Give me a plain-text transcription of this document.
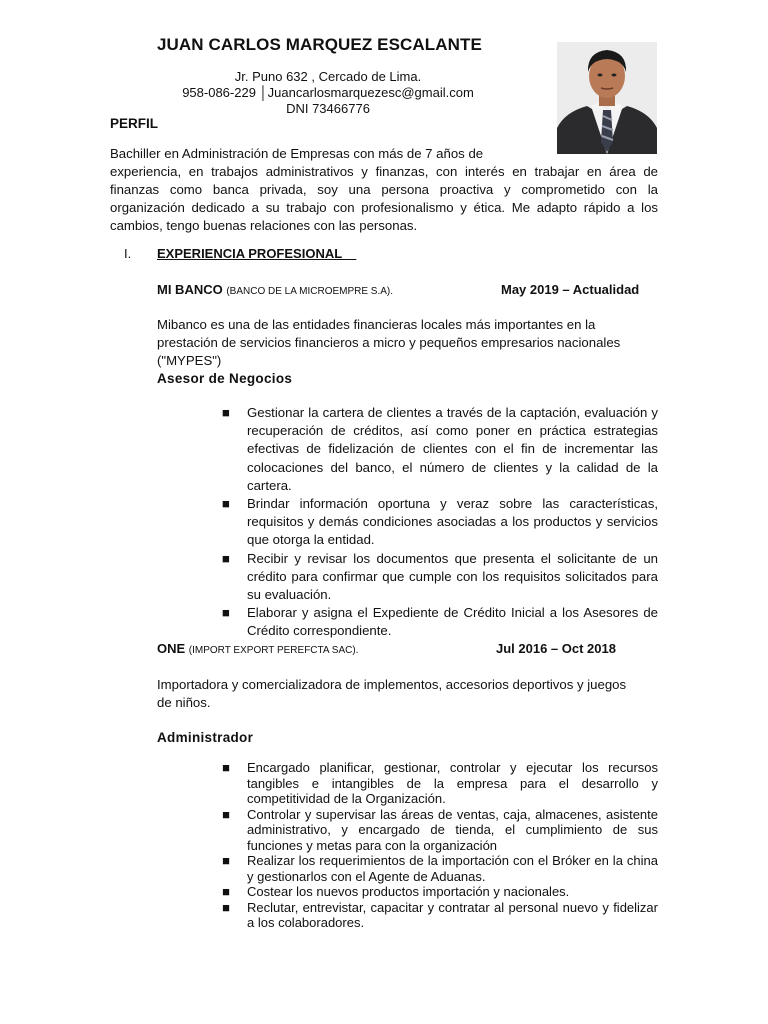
JUAN CARLOS MARQUEZ ESCALANTE
Jr. Puno 632 , Cercado de Lima.
958-086-229 │Juancarlosmarquezesc@gmail.com
DNI 73466776
PERFIL
Bachiller en Administración de Empresas con más de 7 años de
experiencia, en trabajos administrativos y finanzas, con interés en trabajar en área de finanzas como banca privada, soy una persona proactiva y comprometido con la organización dedicado a su trabajo con profesionalismo y ética. Me adapto rápido a los cambios, tengo buenas relaciones con las personas.
I. EXPERIENCIA PROFESIONAL
MI BANCO (BANCO DE LA MICROEMPRE S.A).	May 2019 – Actualidad
Mibanco es una de las entidades financieras locales más importantes en la prestación de servicios financieros a micro y pequeños empresarios nacionales ("MYPES")
Asesor de Negocios
■ Gestionar la cartera de clientes a través de la captación, evaluación y recuperación de créditos, así como poner en práctica estrategias efectivas de fidelización de clientes con el fin de incrementar las colocaciones del banco, el número de clientes y la calidad de la cartera.
■ Brindar información oportuna y veraz sobre las características, requisitos y demás condiciones asociadas a los productos y servicios que otorga la entidad.
■ Recibir y revisar los documentos que presenta el solicitante de un crédito para confirmar que cumple con los requisitos solicitados para su evaluación.
■ Elaborar y asigna el Expediente de Crédito Inicial a los Asesores de Crédito correspondiente.
ONE (IMPORT EXPORT PEREFCTA SAC).	Jul 2016 – Oct 2018
Importadora y comercializadora de implementos, accesorios deportivos y juegos de niños.
Administrador
■ Encargado planificar, gestionar, controlar y ejecutar los recursos tangibles e intangibles de la empresa para el desarrollo y competitividad de la Organización.
■ Controlar y supervisar las áreas de ventas, caja, almacenes, asistente administrativo, y encargado de tienda, el cumplimiento de sus funciones y metas para con la organización
■ Realizar los requerimientos de la importación con el Bróker en la china y gestionarlos con el Agente de Aduanas.
■ Costear los nuevos productos importación y nacionales.
■ Reclutar, entrevistar, capacitar y contratar al personal nuevo y fidelizar a los colaboradores.
